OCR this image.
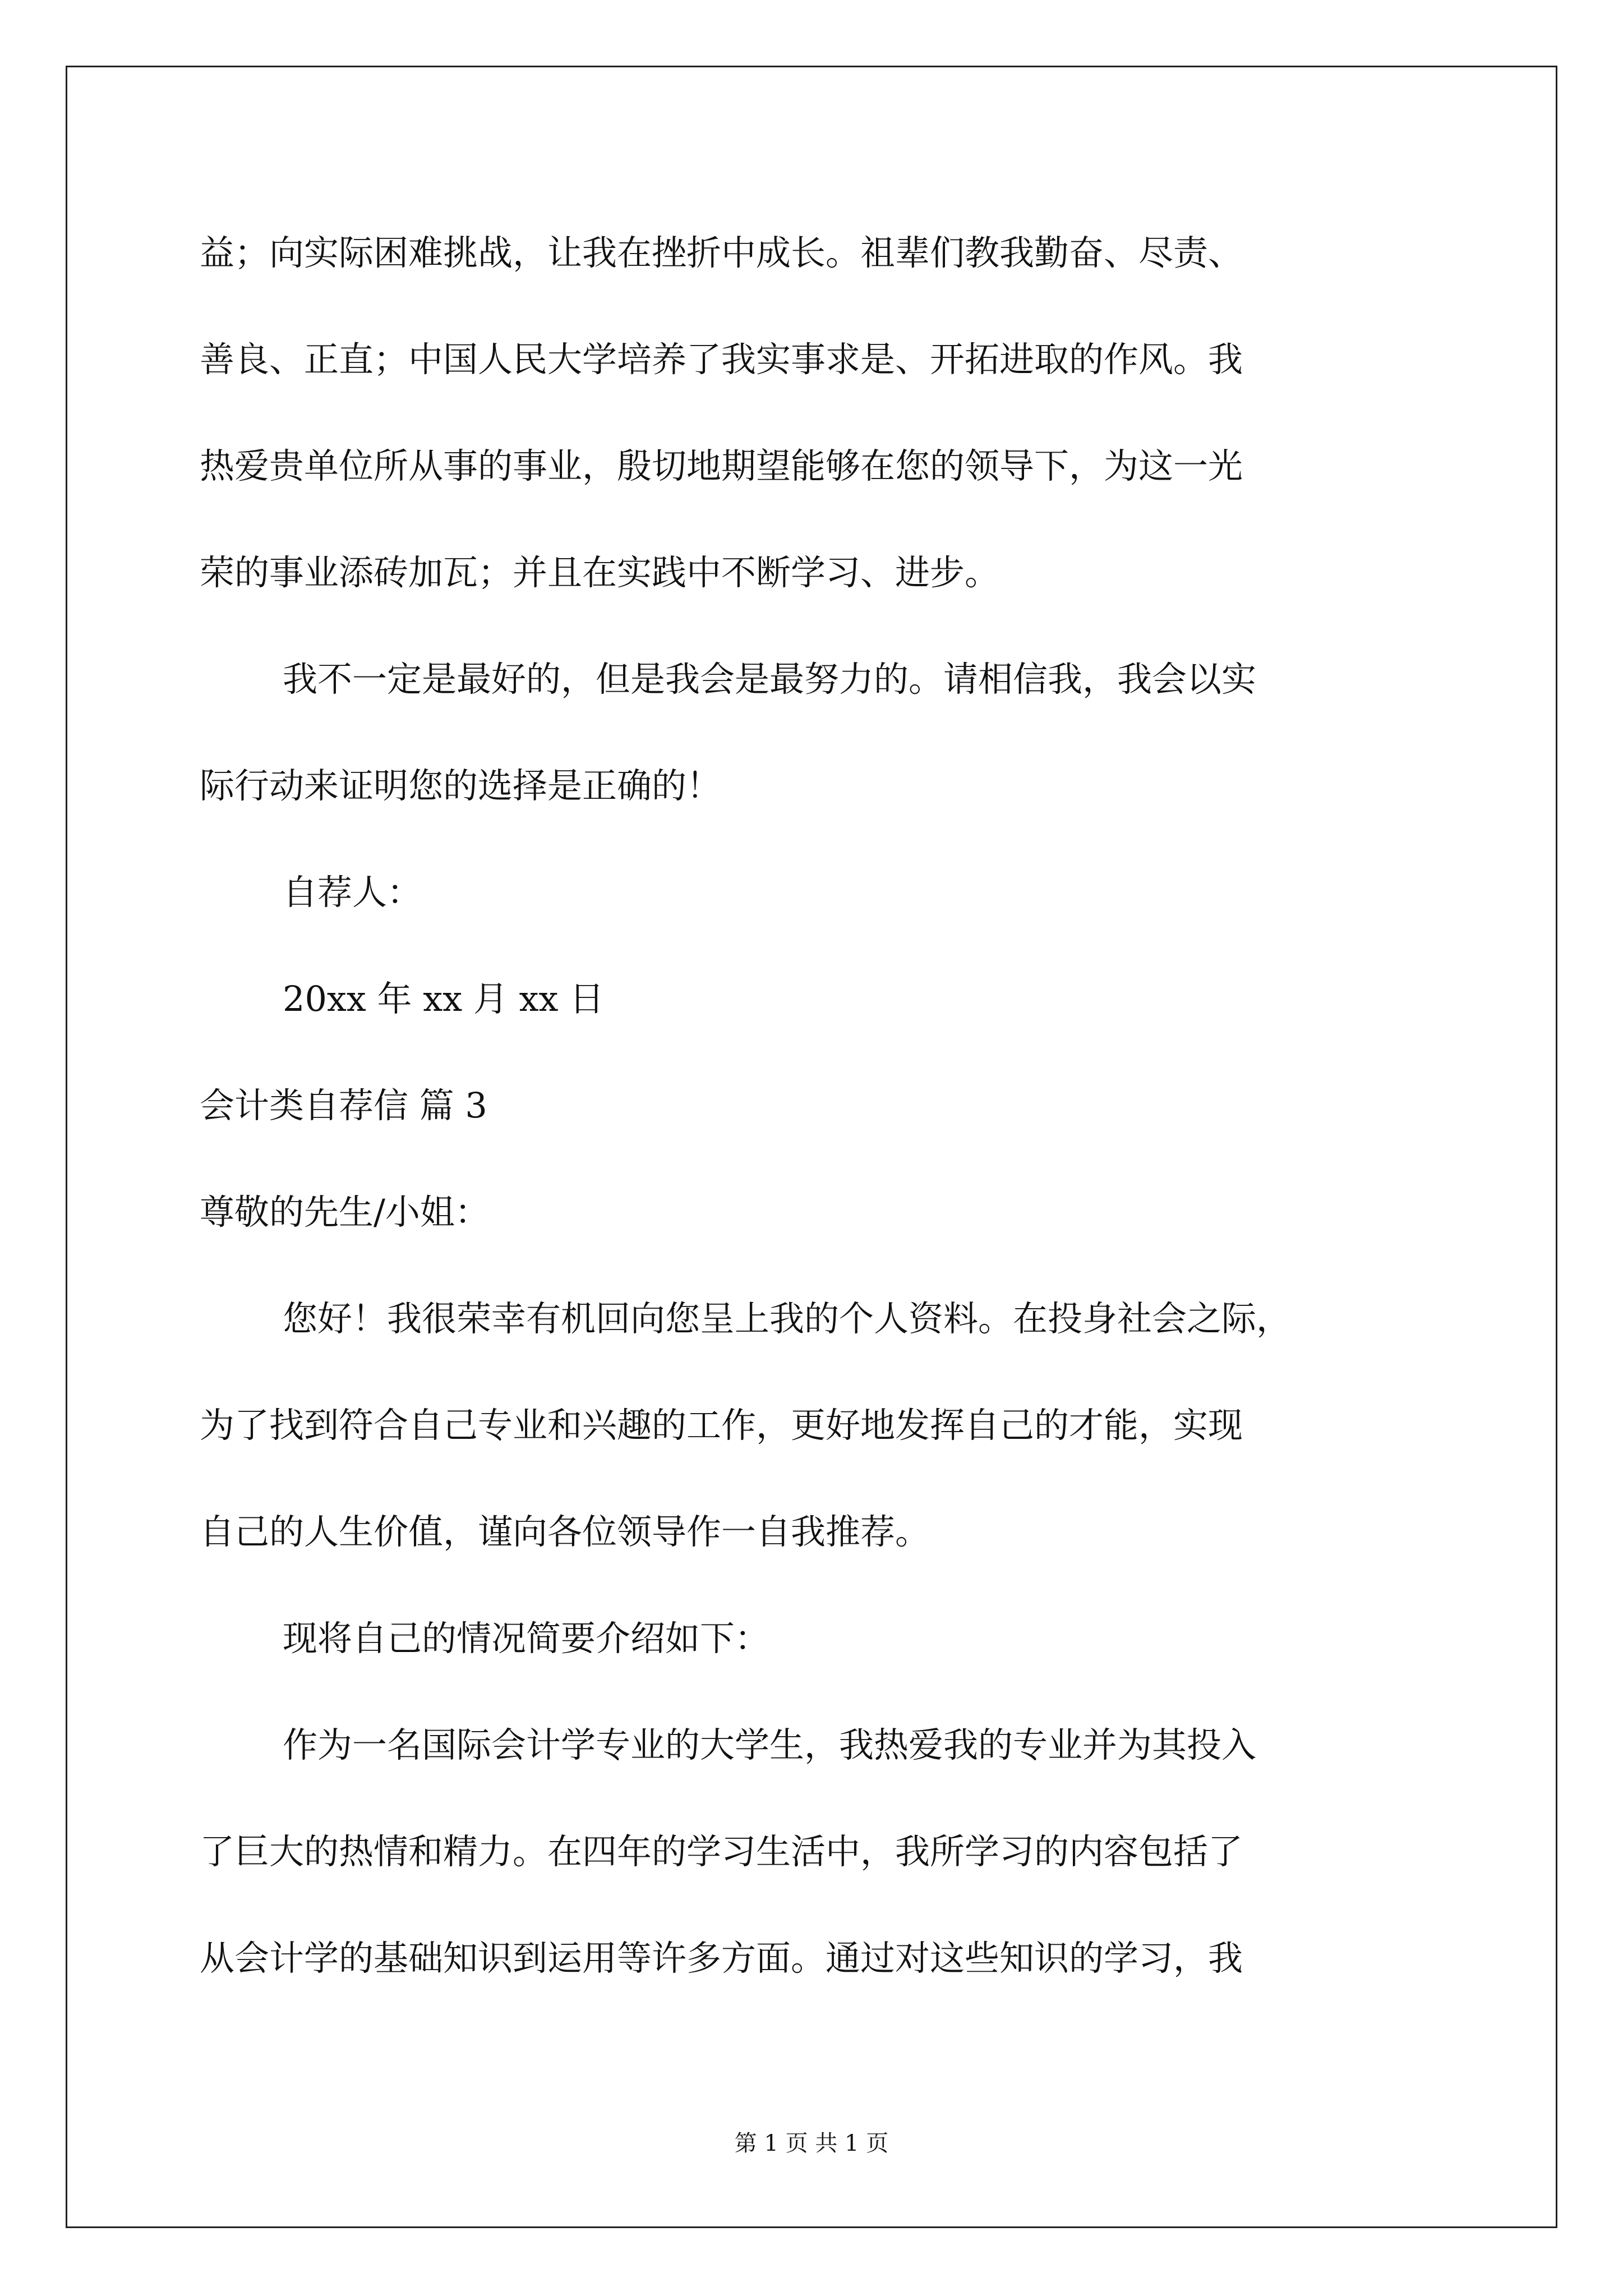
益；向实际困难挑战，让我在挫折中成长。祖辈们教我勤奋、尽责、
善良、正直；中国人民大学培养了我实事求是、开拓进取的作风。我
热爱贵单位所从事的事业，殷切地期望能够在您的领导下，为这一光
荣的事业添砖加瓦；并且在实践中不断学习、进步。
我不一定是最好的，但是我会是最努力的。请相信我，我会以实
际行动来证明您的选择是正确的！
自荐人：
20xx 年 xx 月 xx 日
会计类自荐信 篇 3
尊敬的先生/小姐：
您好！我很荣幸有机回向您呈上我的个人资料。在投身社会之际，
为了找到符合自己专业和兴趣的工作，更好地发挥自己的才能，实现
自己的人生价值，谨向各位领导作一自我推荐。
现将自己的情况简要介绍如下：
作为一名国际会计学专业的大学生，我热爱我的专业并为其投入
了巨大的热情和精力。在四年的学习生活中，我所学习的内容包括了
从会计学的基础知识到运用等许多方面。通过对这些知识的学习，我
第 1 页 共 1 页
